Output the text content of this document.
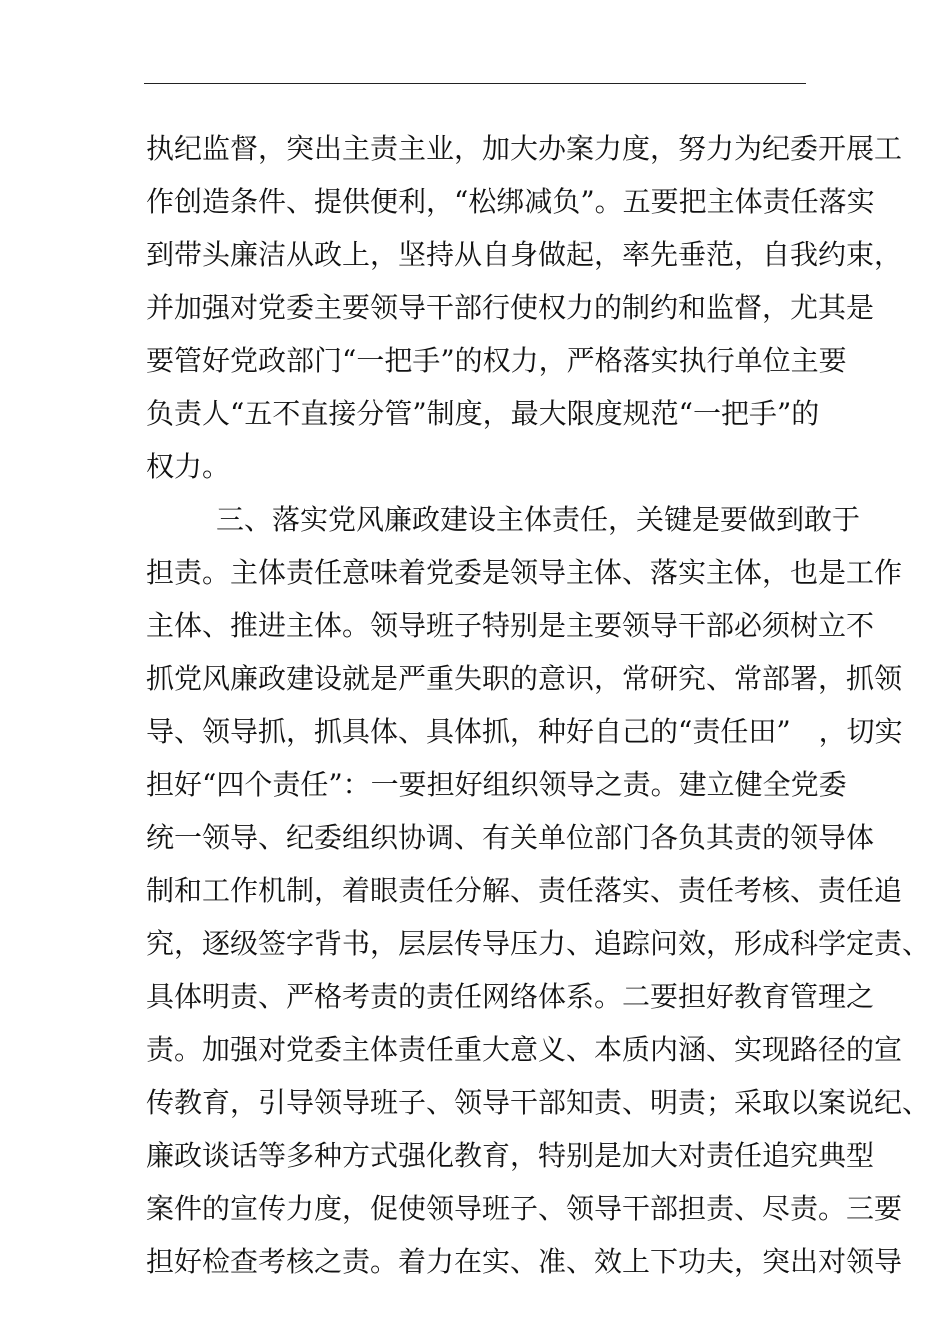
执纪监督，突出主责主业，加大办案力度，努力为纪委开展工
作创造条件、提供便利，“松绑减负”。五要把主体责任落实
到带头廉洁从政上，坚持从自身做起，率先垂范，自我约束，
并加强对党委主要领导干部行使权力的制约和监督，尤其是
要管好党政部门“一把手”的权力，严格落实执行单位主要
负责人“五不直接分管”制度，最大限度规范“一把手”的
权力。
三、落实党风廉政建设主体责任，关键是要做到敢于
担责。主体责任意味着党委是领导主体、落实主体，也是工作
主体、推进主体。领导班子特别是主要领导干部必须树立不
抓党风廉政建设就是严重失职的意识，常研究、常部署，抓领
导、领导抓，抓具体、具体抓，种好自己的“责任田”　，切实
担好“四个责任”：一要担好组织领导之责。建立健全党委
统一领导、纪委组织协调、有关单位部门各负其责的领导体
制和工作机制，着眼责任分解、责任落实、责任考核、责任追
究，逐级签字背书，层层传导压力、追踪问效，形成科学定责、
具体明责、严格考责的责任网络体系。二要担好教育管理之
责。加强对党委主体责任重大意义、本质内涵、实现路径的宣
传教育，引导领导班子、领导干部知责、明责；采取以案说纪、
廉政谈话等多种方式强化教育，特别是加大对责任追究典型
案件的宣传力度，促使领导班子、领导干部担责、尽责。三要
担好检查考核之责。着力在实、准、效上下功夫，突出对领导
